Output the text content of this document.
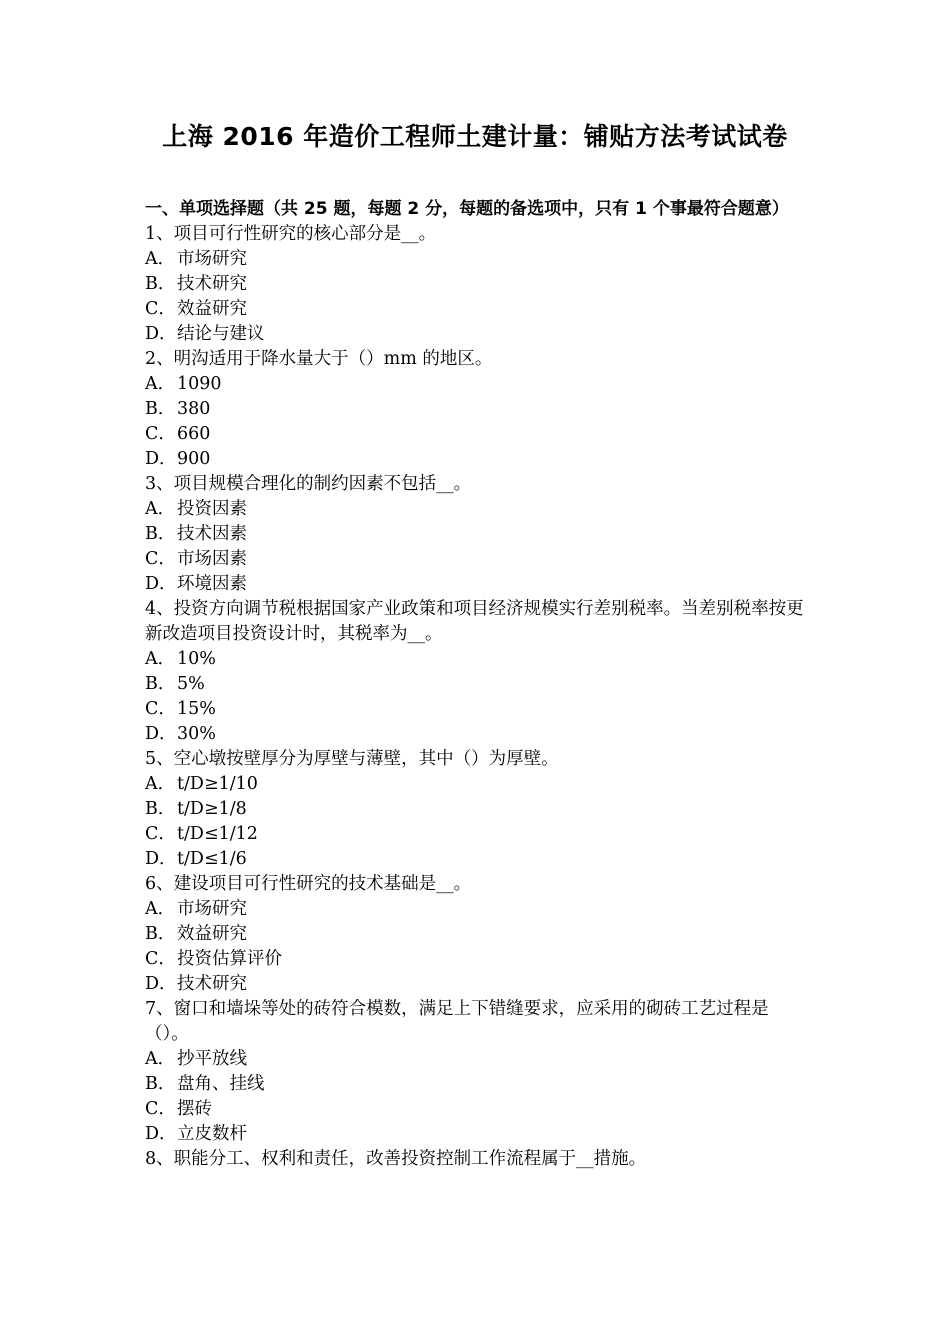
上海 2016 年造价工程师土建计量：铺贴方法考试试卷

一、单项选择题（共 25 题，每题 2 分，每题的备选项中，只有 1 个事最符合题意）

1、项目可行性研究的核心部分是__。

A． 市场研究
B．技术研究
C．效益研究
D．结论与建议

2、明沟适用于降水量大于（）mm 的地区。

A． 1090
B．380
C．660
D．900

3、项目规模合理化的制约因素不包括__。

A． 投资因素
B．技术因素
C．市场因素
D．环境因素

4、投资方向调节税根据国家产业政策和项目经济规模实行差别税率。当差别税率按更新改造项目投资设计时，其税率为__。

A． 10%
B．5%
C．15%
D．30%

5、空心墩按壁厚分为厚壁与薄壁，其中（）为厚壁。

A． t/D≥1/10
B．t/D≥1/8
C．t/D≤1/12
D．t/D≤1/6

6、建设项目可行性研究的技术基础是__。

A． 市场研究
B．效益研究
C．投资估算评价
D．技术研究

7、窗口和墙垛等处的砖符合模数，满足上下错缝要求，应采用的砌砖工艺过程是（）。

A． 抄平放线
B．盘角、挂线
C．摆砖
D．立皮数杆

8、职能分工、权利和责任，改善投资控制工作流程属于__措施。
